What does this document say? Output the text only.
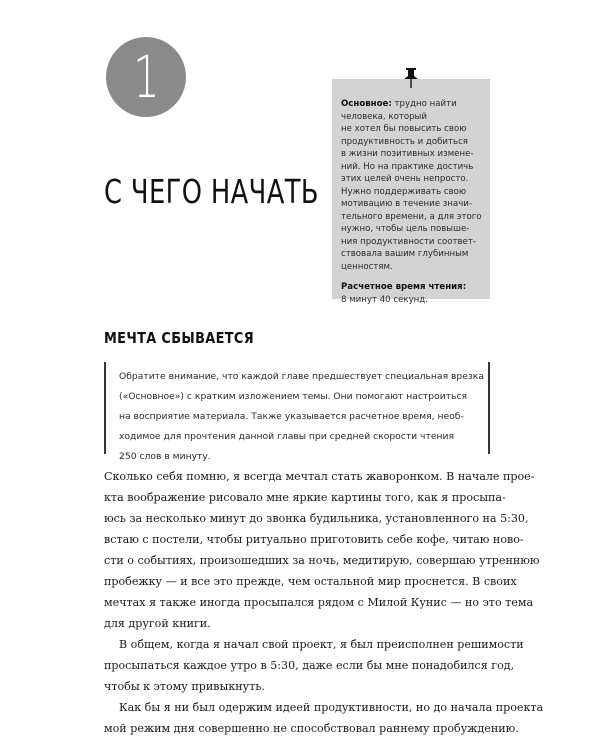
1
С ЧЕГО НАЧАТЬ
Основное: трудно найти
человека, который
не хотел бы повысить свою
продуктивность и добиться
в жизни позитивных измене-
ний. Но на практике достичь
этих целей очень непросто.
Нужно поддерживать свою
мотивацию в течение значи-
тельного времени, а для этого
нужно, чтобы цель повыше-
ния продуктивности соответ-
ствовала вашим глубинным
ценностям.
Расчетное время чтения:
8 минут 40 секунд.
МЕЧТА СБЫВАЕТСЯ
Обратите внимание, что каждой главе предшествует специальная врезка
(«Основное») с кратким изложением темы. Они помогают настроиться
на восприятие материала. Также указывается расчетное время, необ-
ходимое для прочтения данной главы при средней скорости чтения
250 слов в минуту.
Сколько себя помню, я всегда мечтал стать жаворонком. В начале прое-
кта воображение рисовало мне яркие картины того, как я просыпа-
юсь за несколько минут до звонка будильника, установленного на 5:30,
встаю с постели, чтобы ритуально приготовить себе кофе, читаю ново-
сти о событиях, произошедших за ночь, медитирую, совершаю утреннюю
пробежку — и все это прежде, чем остальной мир проснется. В своих
мечтах я также иногда просыпался рядом с Милой Кунис — но это тема
для другой книги.
В общем, когда я начал свой проект, я был преисполнен решимости
просыпаться каждое утро в 5:30, даже если бы мне понадобился год,
чтобы к этому привыкнуть.
Как бы я ни был одержим идеей продуктивности, но до начала проекта
мой режим дня совершенно не способствовал раннему пробуждению.
